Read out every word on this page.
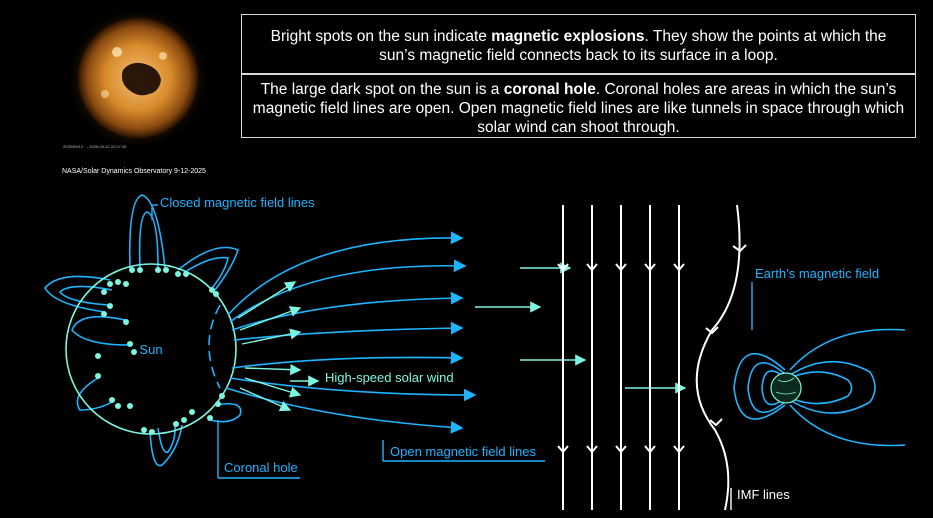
2025/09/12 … 2025-09-12 22:07:33
NASA/Solar Dynamics Observatory 9-12-2025
Bright spots on the sun indicate magnetic explosions. They show the points at which the sun’s magnetic field connects back to its surface in a loop.
The large dark spot on the sun is a coronal hole. Coronal holes are areas in which the sun’s magnetic field lines are open. Open magnetic field lines are like tunnels in space through which solar wind can shoot through.
Sun
Closed magnetic field lines
High-speed solar wind
Coronal hole
Open magnetic field lines
Earth’s magnetic field
IMF lines
